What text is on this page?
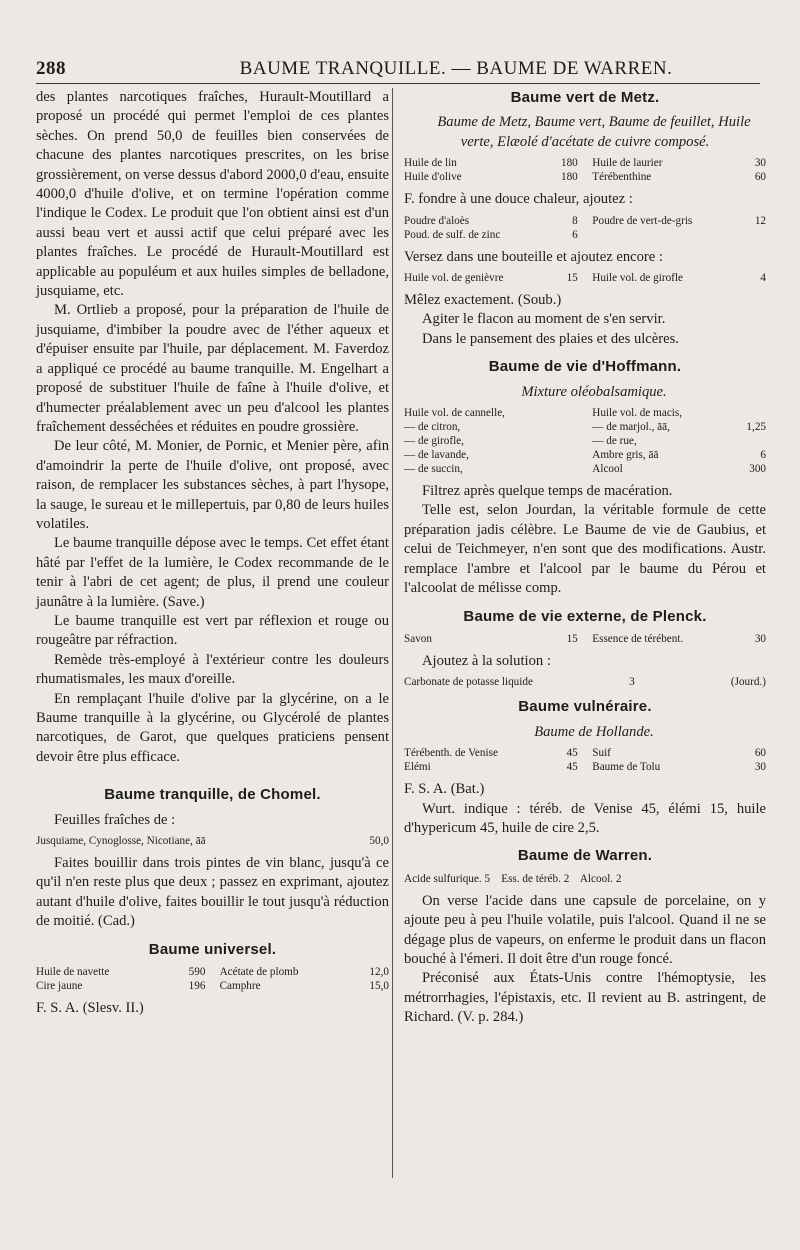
288	BAUME TRANQUILLE. — BAUME DE WARREN.

des plantes narcotiques fraîches, Hurault-Moutillard a proposé un procédé qui permet l'emploi de ces plantes sèches. On prend 50,0 de feuilles bien conservées de chacune des plantes narcotiques prescrites, on les brise grossièrement, on verse dessus d'abord 2000,0 d'eau, ensuite 4000,0 d'huile d'olive, et on termine l'opération comme l'indique le Codex. Le produit que l'on obtient ainsi est d'un aussi beau vert et aussi actif que celui préparé avec les plantes fraîches. Le procédé de Hurault-Moutillard est applicable au populéum et aux huiles simples de belladone, jusquiame, etc.

M. Ortlieb a proposé, pour la préparation de l'huile de jusquiame, d'imbiber la poudre avec de l'éther aqueux et d'épuiser ensuite par l'huile, par déplacement. M. Faverdoz a appliqué ce procédé au baume tranquille. M. Engelhart a proposé de substituer l'huile de faîne à l'huile d'olive, et d'humecter préalablement avec un peu d'alcool les plantes fraîchement desséchées et réduites en poudre grossière.

De leur côté, M. Monier, de Pornic, et Menier père, afin d'amoindrir la perte de l'huile d'olive, ont proposé, avec raison, de remplacer les substances sèches, à part l'hysope, la sauge, le sureau et le millepertuis, par 0,80 de leurs huiles volatiles.

Le baume tranquille dépose avec le temps. Cet effet étant hâté par l'effet de la lumière, le Codex recommande de le tenir à l'abri de cet agent; de plus, il prend une couleur jaunâtre à la lumière. (Save.)

Le baume tranquille est vert par réflexion et rouge ou rougeâtre par réfraction.

Remède très-employé à l'extérieur contre les douleurs rhumatismales, les maux d'oreille.

En remplaçant l'huile d'olive par la glycérine, on a le Baume tranquille à la glycérine, ou Glycérolé de plantes narcotiques, de Garot, que quelques praticiens pensent devoir être plus efficace.

Baume tranquille, de Chomel.

Feuilles fraîches de :

Jusquiame, Cynoglosse, Nicotiane, āā	50,0

Faites bouillir dans trois pintes de vin blanc, jusqu'à ce qu'il n'en reste plus que deux ; passez en exprimant, ajoutez autant d'huile d'olive, faites bouillir le tout jusqu'à réduction de moitié. (Cad.)

Baume universel.
Huile de navette	590 Acétate de plomb	12,0
Cire jaune	196 Camphre	15,0

F. S. A. (Slesv. II.)

Baume vert de Metz.

Baume de Metz, Baume vert, Baume de feuillet, Huile verte, Elæolé d'acétate de cuivre composé.

Huile de lin	180 Huile de laurier	30
Huile d'olive	180 Térébenthine	60

F. fondre à une douce chaleur, ajoutez :

Poudre d'aloès	8 Poudre de vert-de-gris	12
Poud. de sulf. de zinc	6

Versez dans une bouteille et ajoutez encore :

Huile vol. de genièvre	15 Huile vol. de girofle	4

Mêlez exactement. (Soub.)

Agiter le flacon au moment de s'en servir.

Dans le pansement des plaies et des ulcères.

Baume de vie d'Hoffmann.

Mixture oléobalsamique.

Huile vol. de cannelle,	Huile vol. de macis,
— de citron,	— de marjol., āā,	1,25
— de girofle,	— de rue,
— de lavande,	Ambre gris, āā	6
— de succin,	Alcool	300

Filtrez après quelque temps de macération.

Telle est, selon Jourdan, la véritable formule de cette préparation jadis célèbre. Le Baume de vie de Gaubius, et celui de Teichmeyer, n'en sont que des modifications. Austr. remplace l'ambre et l'alcool par le baume du Pérou et l'alcoolat de mélisse comp.

Baume de vie externe, de Plenck.
Savon	15 Essence de térébent.	30

Ajoutez à la solution :

Carbonate de potasse liquide	3	(Jourd.)
Baume vulnéraire.

Baume de Hollande.

Térébenth. de Venise	45 Suif	60
Elémi	45 Baume de Tolu	30

F. S. A. (Bat.)

Wurt. indique : téréb. de Venise 45, élémi 15, huile d'hypericum 45, huile de cire 2,5.

Baume de Warren.
Acide sulfurique. 5    Ess. de téréb. 2    Alcool. 2

On verse l'acide dans une capsule de porcelaine, on y ajoute peu à peu l'huile volatile, puis l'alcool. Quand il ne se dégage plus de vapeurs, on enferme le produit dans un flacon bouché à l'émeri. Il doit être d'un rouge foncé.

Préconisé aux États-Unis contre l'hémoptysie, les métrorrhagies, l'épistaxis, etc. Il revient au B. astringent, de Richard. (V. p. 284.)
